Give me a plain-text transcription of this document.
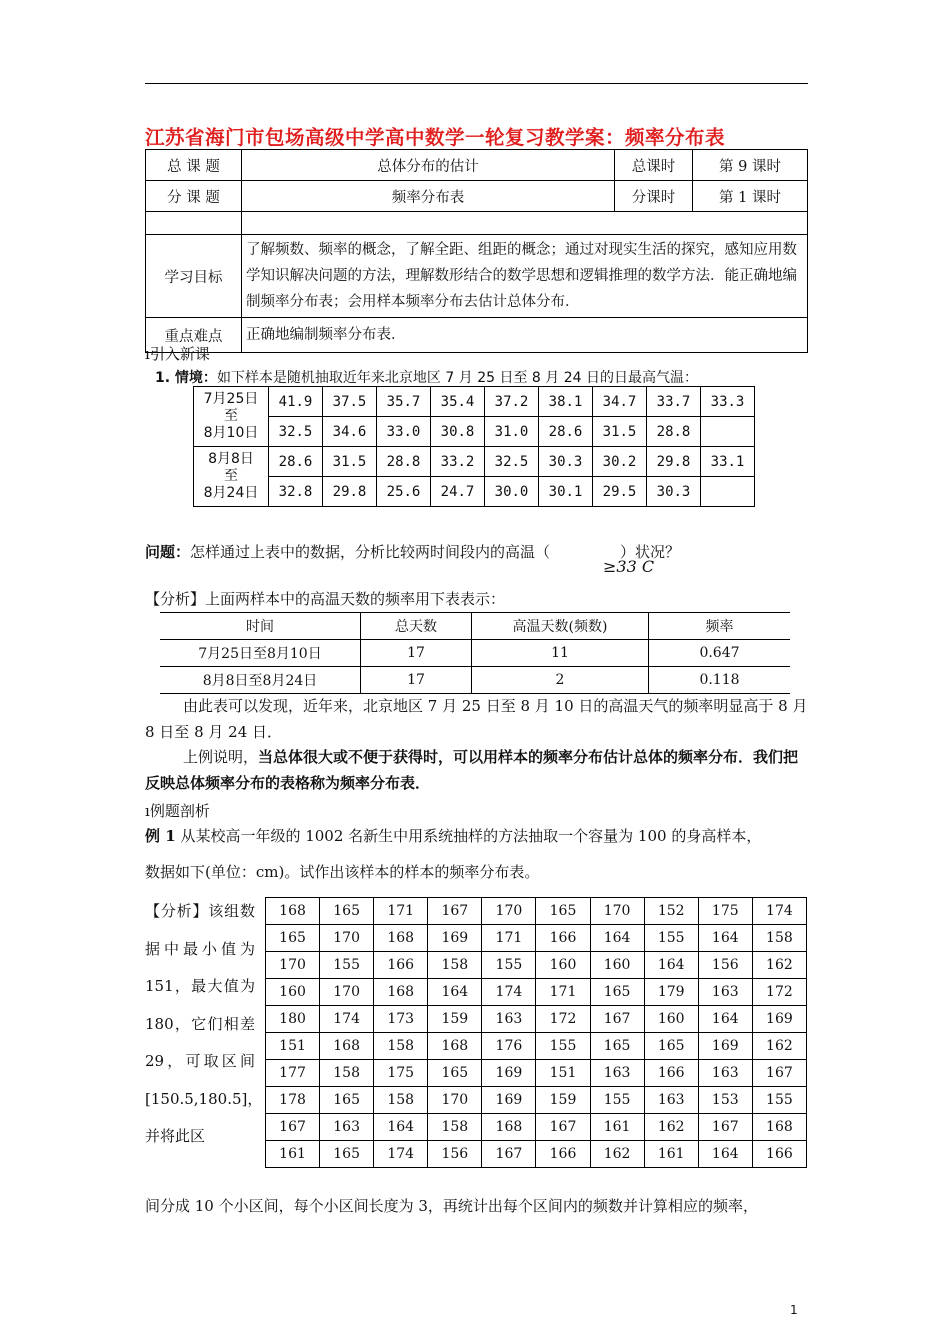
江苏省海门市包场高级中学高中数学一轮复习教学案：频率分布表
总 课 题	总体分布的估计	总课时	第 9 课时
分 课 题	频率分布表	分课时	第 1 课时

学习目标	了解频数、频率的概念，了解全距、组距的概念；通过对现实生活的探究，感知应用数学知识解决问题的方法，理解数形结合的数学思想和逻辑推理的数学方法．能正确地编制频率分布表；会用样本频率分布去估计总体分布．		
重点难点	正确地编制频率分布表．		
ı引入新课
1. 情境：如下样本是随机抽取近年来北京地区 7 月 25 日至 8 月 24 日的日最高气温：
7月25日
至
8月10日	41.9	37.5	35.7	35.4	37.2	38.1	34.7	33.7	33.3
	32.5	34.6	33.0	30.8	31.0	28.6	31.5	28.8	

8月8日
至
8月24日	28.6	31.5	28.8	33.2	32.5	30.3	30.2	29.8	33.1
	32.8	29.8	25.6	24.7	30.0	30.1	29.5	30.3	
问题：怎样通过上表中的数据，分析比较两时间段内的高温（	）状况？
≥33 C
【分析】上面两样本中的高温天数的频率用下表表示：
时间	总天数	高温天数(频数)	频率
7月25日至8月10日	17	11	0.647
8月8日至8月24日	17	2	0.118
由此表可以发现，近年来，北京地区 7 月 25 日至 8 月 10 日的高温天气的频率明显高于 8 月 8 日至 8 月 24 日．
上例说明，当总体很大或不便于获得时，可以用样本的频率分布估计总体的频率分布．我们把反映总体频率分布的表格称为频率分布表．
ı例题剖析
例 1 从某校高一年级的 1002 名新生中用系统抽样的方法抽取一个容量为 100 的身高样本，
数据如下(单位：cm)。试作出该样本的样本的频率分布表。
【分析】该组数据中最小值为 151，最大值为 180，它们相差 29，可取区间[150.5,180.5]，并将此区
168	165	171	167	170	165	170	152	175	174
165	170	168	169	171	166	164	155	164	158
170	155	166	158	155	160	160	164	156	162
160	170	168	164	174	171	165	179	163	172
180	174	173	159	163	172	167	160	164	169
151	168	158	168	176	155	165	165	169	162
177	158	175	165	169	151	163	166	163	167
178	165	158	170	169	159	155	163	153	155
167	163	164	158	168	167	161	162	167	168
161	165	174	156	167	166	162	161	164	166
间分成 10 个小区间，每个小区间长度为 3，再统计出每个区间内的频数并计算相应的频率，
1
